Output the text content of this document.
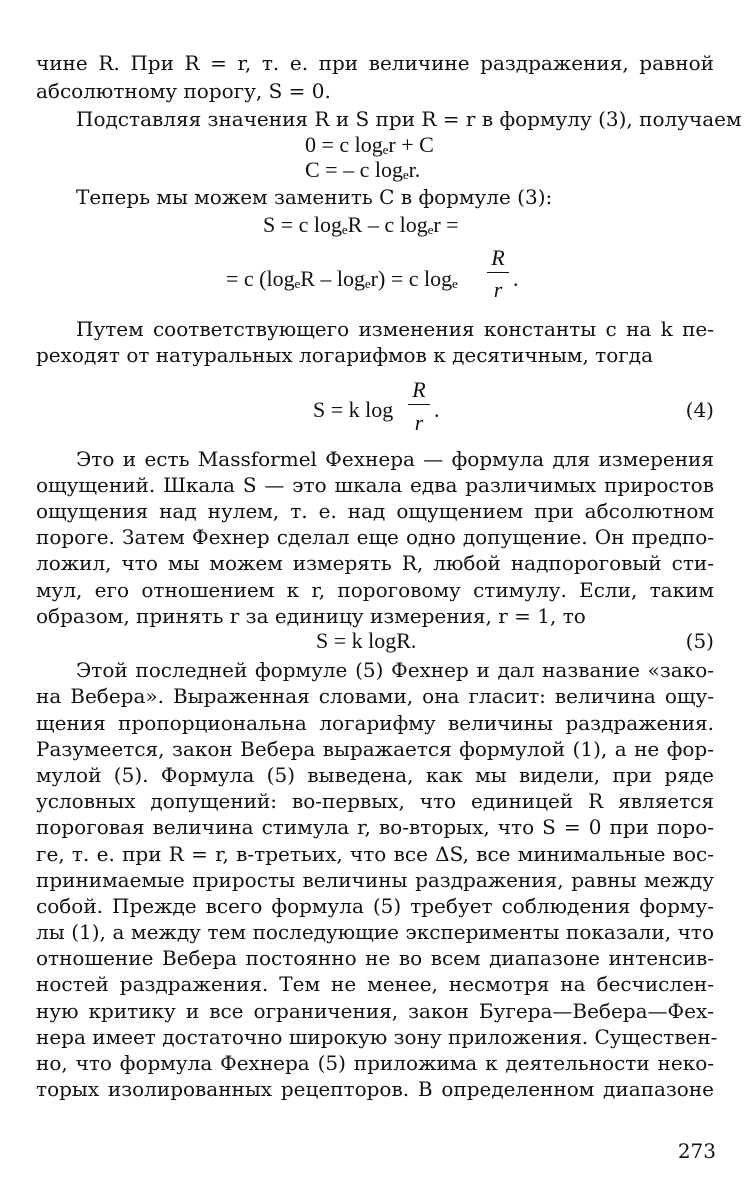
чине R. При R = r, т. е. при величине раздражения, равной
абсолютному порогу, S = 0.
Подставляя значения R и S при R = r в формулу (3), получаем
0 = c logₑr + C
C = – c logₑr.
Теперь мы можем заменить C в формуле (3):
S = c logₑR – c logₑr =
R
= c (logₑR – logₑr) = c logₑ	r .
Путем соответствующего изменения константы c на k пе-
реходят от натуральных логарифмов к десятичным, тогда
R
S = k log
r
.	(4)
Это и есть Massformel Фехнера — формула для измерения
ощущений. Шкала S — это шкала едва различимых приростов
ощущения над нулем, т. е. над ощущением при абсолютном
пороге. Затем Фехнер сделал еще одно допущение. Он предпо-
ложил, что мы можем измерять R, любой надпороговый сти-
мул, его отношением к r, пороговому стимулу. Если, таким
образом, принять r за единицу измерения, r = 1, то
S = k logR.	(5)
Этой последней формуле (5) Фехнер и дал название «зако-
на Вебера». Выраженная словами, она гласит: величина ощу-
щения пропорциональна логарифму величины раздражения.
Разумеется, закон Вебера выражается формулой (1), а не фор-
мулой (5). Формула (5) выведена, как мы видели, при ряде
условных допущений: во-первых, что единицей R является
пороговая величина стимула r, во-вторых, что S = 0 при поро-
ге, т. е. при R = r, в-третьих, что все ΔS, все минимальные вос-
принимаемые приросты величины раздражения, равны между
собой. Прежде всего формула (5) требует соблюдения форму-
лы (1), а между тем последующие эксперименты показали, что
отношение Вебера постоянно не во всем диапазоне интенсив-
ностей раздражения. Тем не менее, несмотря на бесчислен-
ную критику и все ограничения, закон Бугера—Вебера—Фех-
нера имеет достаточно широкую зону приложения. Существен-
но, что формула Фехнера (5) приложима к деятельности неко-
торых изолированных рецепторов. В определенном диапазоне
273
